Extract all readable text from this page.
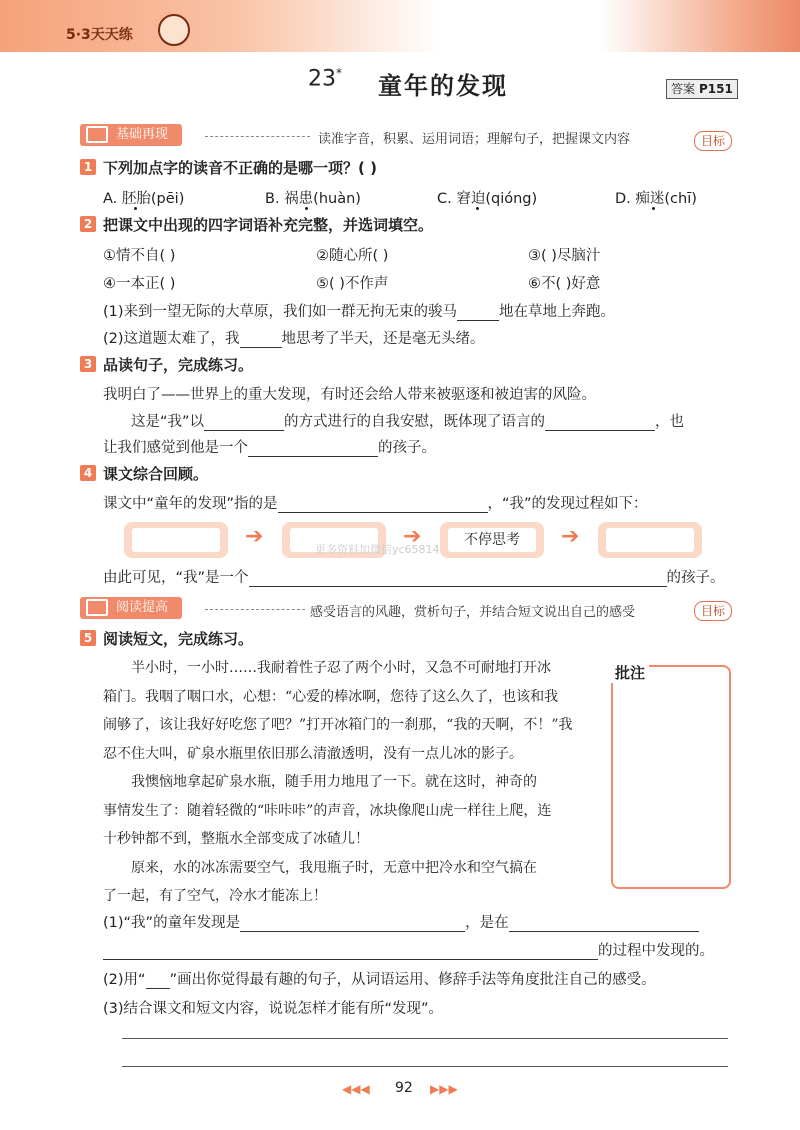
5·3天天练
23* 童年的发现	答案 P151
基础再现	读准字音，积累、运用词语；理解句子，把握课文内容	目标
1 下列加点字的读音不正确的是哪一项？( )
A. 胚胎(pēi)	B. 祸患(huàn)	C. 窘迫(qióng)	D. 痴迷(chī)
2 把课文中出现的四字词语补充完整，并选词填空。
①情不自( )	②随心所( )	③( )尽脑汁
④一本正( )	⑤( )不作声	⑥不( )好意
(1)来到一望无际的大草原，我们如一群无拘无束的骏马	地在草地上奔跑。
(2)这道题太难了，我	地思考了半天，还是毫无头绪。
3 品读句子，完成练习。
我明白了——世界上的重大发现，有时还会给人带来被驱逐和被迫害的风险。
这是“我”以	的方式进行的自我安慰，既体现了语言的	，也
让我们感觉到他是一个	的孩子。
4 课文综合回顾。
课文中“童年的发现”指的是	，“我”的发现过程如下：
➔	➔	不停思考	➔
更多资料加微信yc65814
由此可见，“我”是一个	的孩子。
阅读提高	感受语言的风趣，赏析句子，并结合短文说出自己的感受	目标
5 阅读短文，完成练习。
　　半小时，一小时……我耐着性子忍了两个小时，又急不可耐地打开冰
箱门。我咽了咽口水，心想：“心爱的棒冰啊，您待了这么久了，也该和我
闹够了，该让我好好吃您了吧？”打开冰箱门的一刹那，“我的天啊，不！”我
忍不住大叫，矿泉水瓶里依旧那么清澈透明，没有一点儿冰的影子。
　　我懊恼地拿起矿泉水瓶，随手用力地甩了一下。就在这时，神奇的
事情发生了：随着轻微的“咔咔咔”的声音，冰块像爬山虎一样往上爬，连
十秒钟都不到，整瓶水全部变成了冰碴儿！
　　原来，水的冰冻需要空气，我甩瓶子时，无意中把冷水和空气搞在
了一起，有了空气，冷水才能冻上！
批注
(1)“我”的童年发现是	，是在
的过程中发现的。
(2)用“ ”画出你觉得最有趣的句子，从词语运用、修辞手法等角度批注自己的感受。
(3)结合课文和短文内容，说说怎样才能有所“发现”。
◀◀◀ 92 ▶▶▶
